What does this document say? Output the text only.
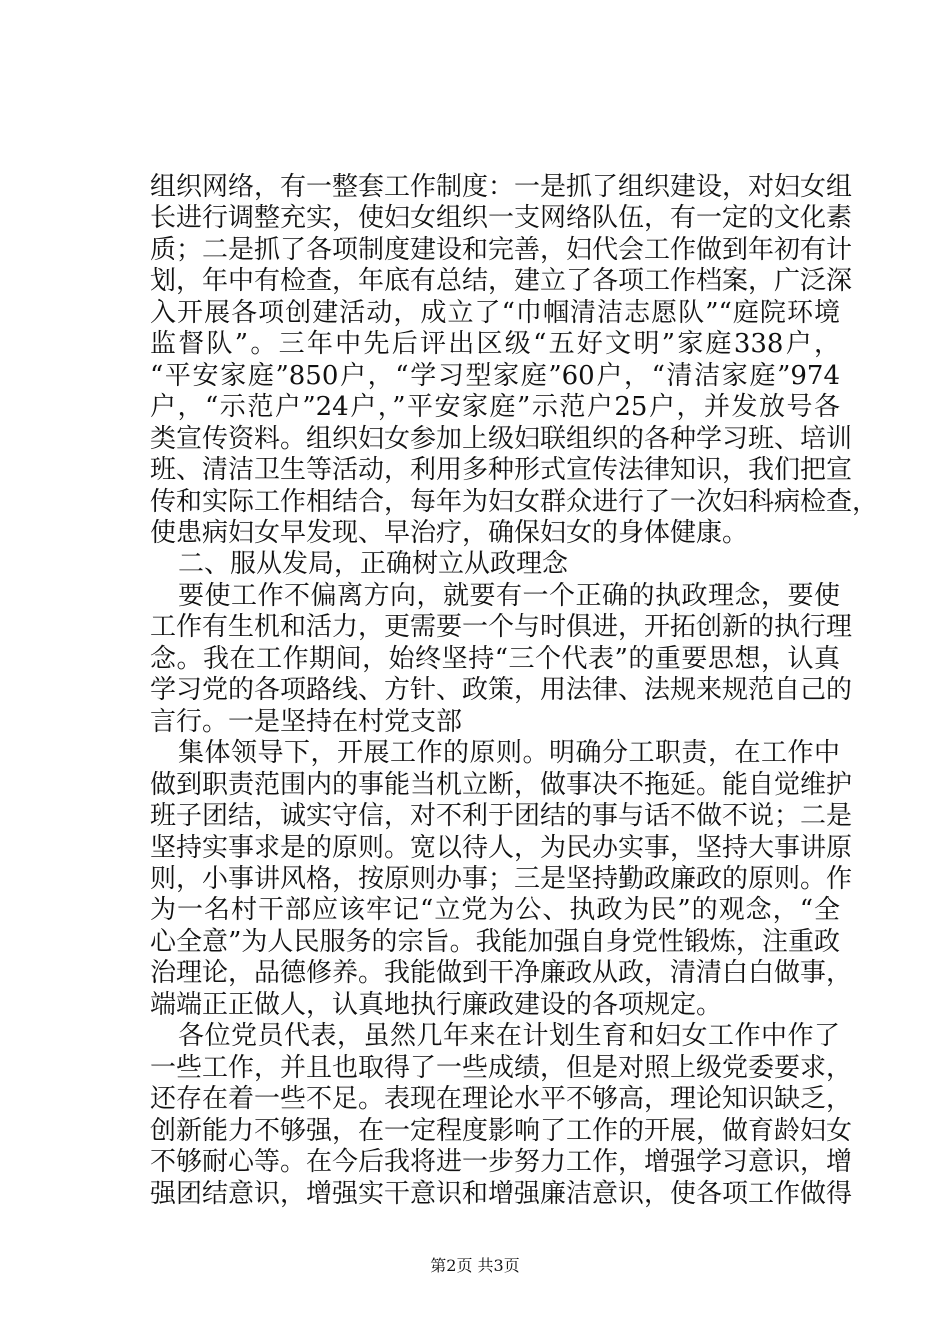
组织网络，有一整套工作制度：一是抓了组织建设，对妇女组
长进行调整充实，使妇女组织一支网络队伍，有一定的文化素
质；二是抓了各项制度建设和完善，妇代会工作做到年初有计
划，年中有检查，年底有总结，建立了各项工作档案，广泛深
入开展各项创建活动，成立了“巾帼清洁志愿队”“庭院环境
监督队”。三年中先后评出区级“五好文明”家庭338户，
“平安家庭”850户，“学习型家庭”60户，“清洁家庭”974
户，“示范户”24户，”平安家庭”示范户25户，并发放号各
类宣传资料。组织妇女参加上级妇联组织的各种学习班、培训
班、清洁卫生等活动，利用多种形式宣传法律知识，我们把宣
传和实际工作相结合，每年为妇女群众进行了一次妇科病检查，
使患病妇女早发现、早治疗，确保妇女的身体健康。
二、服从发局，正确树立从政理念
要使工作不偏离方向，就要有一个正确的执政理念，要使
工作有生机和活力，更需要一个与时俱进，开拓创新的执行理
念。我在工作期间，始终坚持“三个代表”的重要思想，认真
学习党的各项路线、方针、政策，用法律、法规来规范自己的
言行。一是坚持在村党支部
集体领导下，开展工作的原则。明确分工职责，在工作中
做到职责范围内的事能当机立断，做事决不拖延。能自觉维护
班子团结，诚实守信，对不利于团结的事与话不做不说；二是
坚持实事求是的原则。宽以待人，为民办实事，坚持大事讲原
则，小事讲风格，按原则办事；三是坚持勤政廉政的原则。作
为一名村干部应该牢记“立党为公、执政为民”的观念，“全
心全意”为人民服务的宗旨。我能加强自身党性锻炼，注重政
治理论，品德修养。我能做到干净廉政从政，清清白白做事，
端端正正做人，认真地执行廉政建设的各项规定。
各位党员代表，虽然几年来在计划生育和妇女工作中作了
一些工作，并且也取得了一些成绩，但是对照上级党委要求，
还存在着一些不足。表现在理论水平不够高，理论知识缺乏，
创新能力不够强，在一定程度影响了工作的开展，做育龄妇女
不够耐心等。在今后我将进一步努力工作，增强学习意识，增
强团结意识，增强实干意识和增强廉洁意识，使各项工作做得
第2页 共3页
